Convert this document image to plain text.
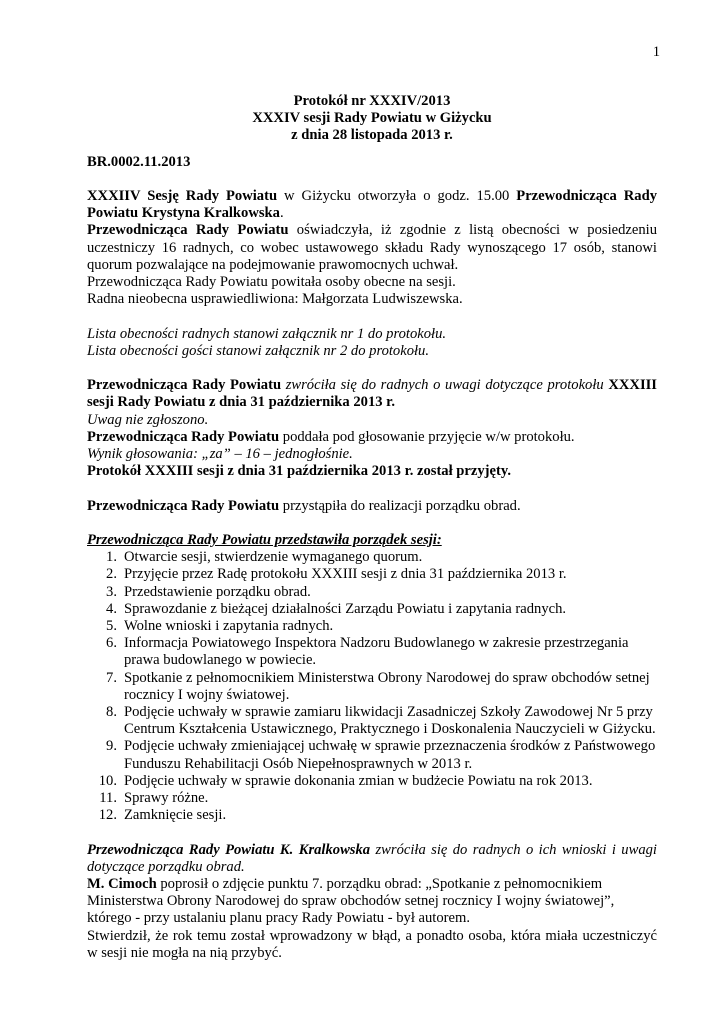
1
Protokół nr XXXIV/2013
XXXIV sesji Rady Powiatu w Giżycku
z dnia 28 listopada 2013 r.
BR.0002.11.2013

XXXIIV Sesję Rady Powiatu w Giżycku otworzyła o godz. 15.00 Przewodnicząca Rady Powiatu Krystyna Kralkowska.

Przewodnicząca Rady Powiatu oświadczyła, iż zgodnie z listą obecności w posiedzeniu uczestniczy 16 radnych, co wobec ustawowego składu Rady wynoszącego 17 osób, stanowi quorum pozwalające na podejmowanie prawomocnych uchwał.

Przewodnicząca Rady Powiatu powitała osoby obecne na sesji.

Radna nieobecna usprawiedliwiona: Małgorzata Ludwiszewska.

Lista obecności radnych stanowi załącznik nr 1 do protokołu.

Lista obecności gości stanowi załącznik nr 2 do protokołu.

Przewodnicząca Rady Powiatu zwróciła się do radnych o uwagi dotyczące protokołu XXXIII sesji Rady Powiatu z dnia 31 października 2013 r.

Uwag nie zgłoszono.

Przewodnicząca Rady Powiatu poddała pod głosowanie przyjęcie w/w protokołu.

Wynik głosowania: „za” – 16 – jednogłośnie.

Protokół XXXIII sesji z dnia 31 października 2013 r. został przyjęty.

Przewodnicząca Rady Powiatu przystąpiła do realizacji porządku obrad.

Przewodnicząca Rady Powiatu przedstawiła porządek sesji:

1. Otwarcie sesji, stwierdzenie wymaganego quorum.
2. Przyjęcie przez Radę protokołu XXXIII sesji z dnia 31 października 2013 r.
3. Przedstawienie porządku obrad.
4. Sprawozdanie z bieżącej działalności Zarządu Powiatu i zapytania radnych.
5. Wolne wnioski i zapytania radnych.
6. Informacja Powiatowego Inspektora Nadzoru Budowlanego w zakresie przestrzegania prawa budowlanego w powiecie.
7. Spotkanie z pełnomocnikiem Ministerstwa Obrony Narodowej do spraw obchodów setnej rocznicy I wojny światowej.
8. Podjęcie uchwały w sprawie zamiaru likwidacji Zasadniczej Szkoły Zawodowej Nr 5 przy Centrum Kształcenia Ustawicznego, Praktycznego i Doskonalenia Nauczycieli w Giżycku.
9. Podjęcie uchwały zmieniającej uchwałę w sprawie przeznaczenia środków z Państwowego Funduszu Rehabilitacji Osób Niepełnosprawnych w 2013 r.
10. Podjęcie uchwały w sprawie dokonania zmian w budżecie Powiatu na rok 2013.
11. Sprawy różne.
12. Zamknięcie sesji.

Przewodnicząca Rady Powiatu K. Kralkowska zwróciła się do radnych o ich wnioski i uwagi dotyczące porządku obrad.

M. Cimoch poprosił o zdjęcie punktu 7. porządku obrad: „Spotkanie z pełnomocnikiem Ministerstwa Obrony Narodowej do spraw obchodów setnej rocznicy I wojny światowej”, którego - przy ustalaniu planu pracy Rady Powiatu - był autorem.

Stwierdził, że rok temu został wprowadzony w błąd, a ponadto osoba, która miała uczestniczyć w sesji nie mogła na nią przybyć.
